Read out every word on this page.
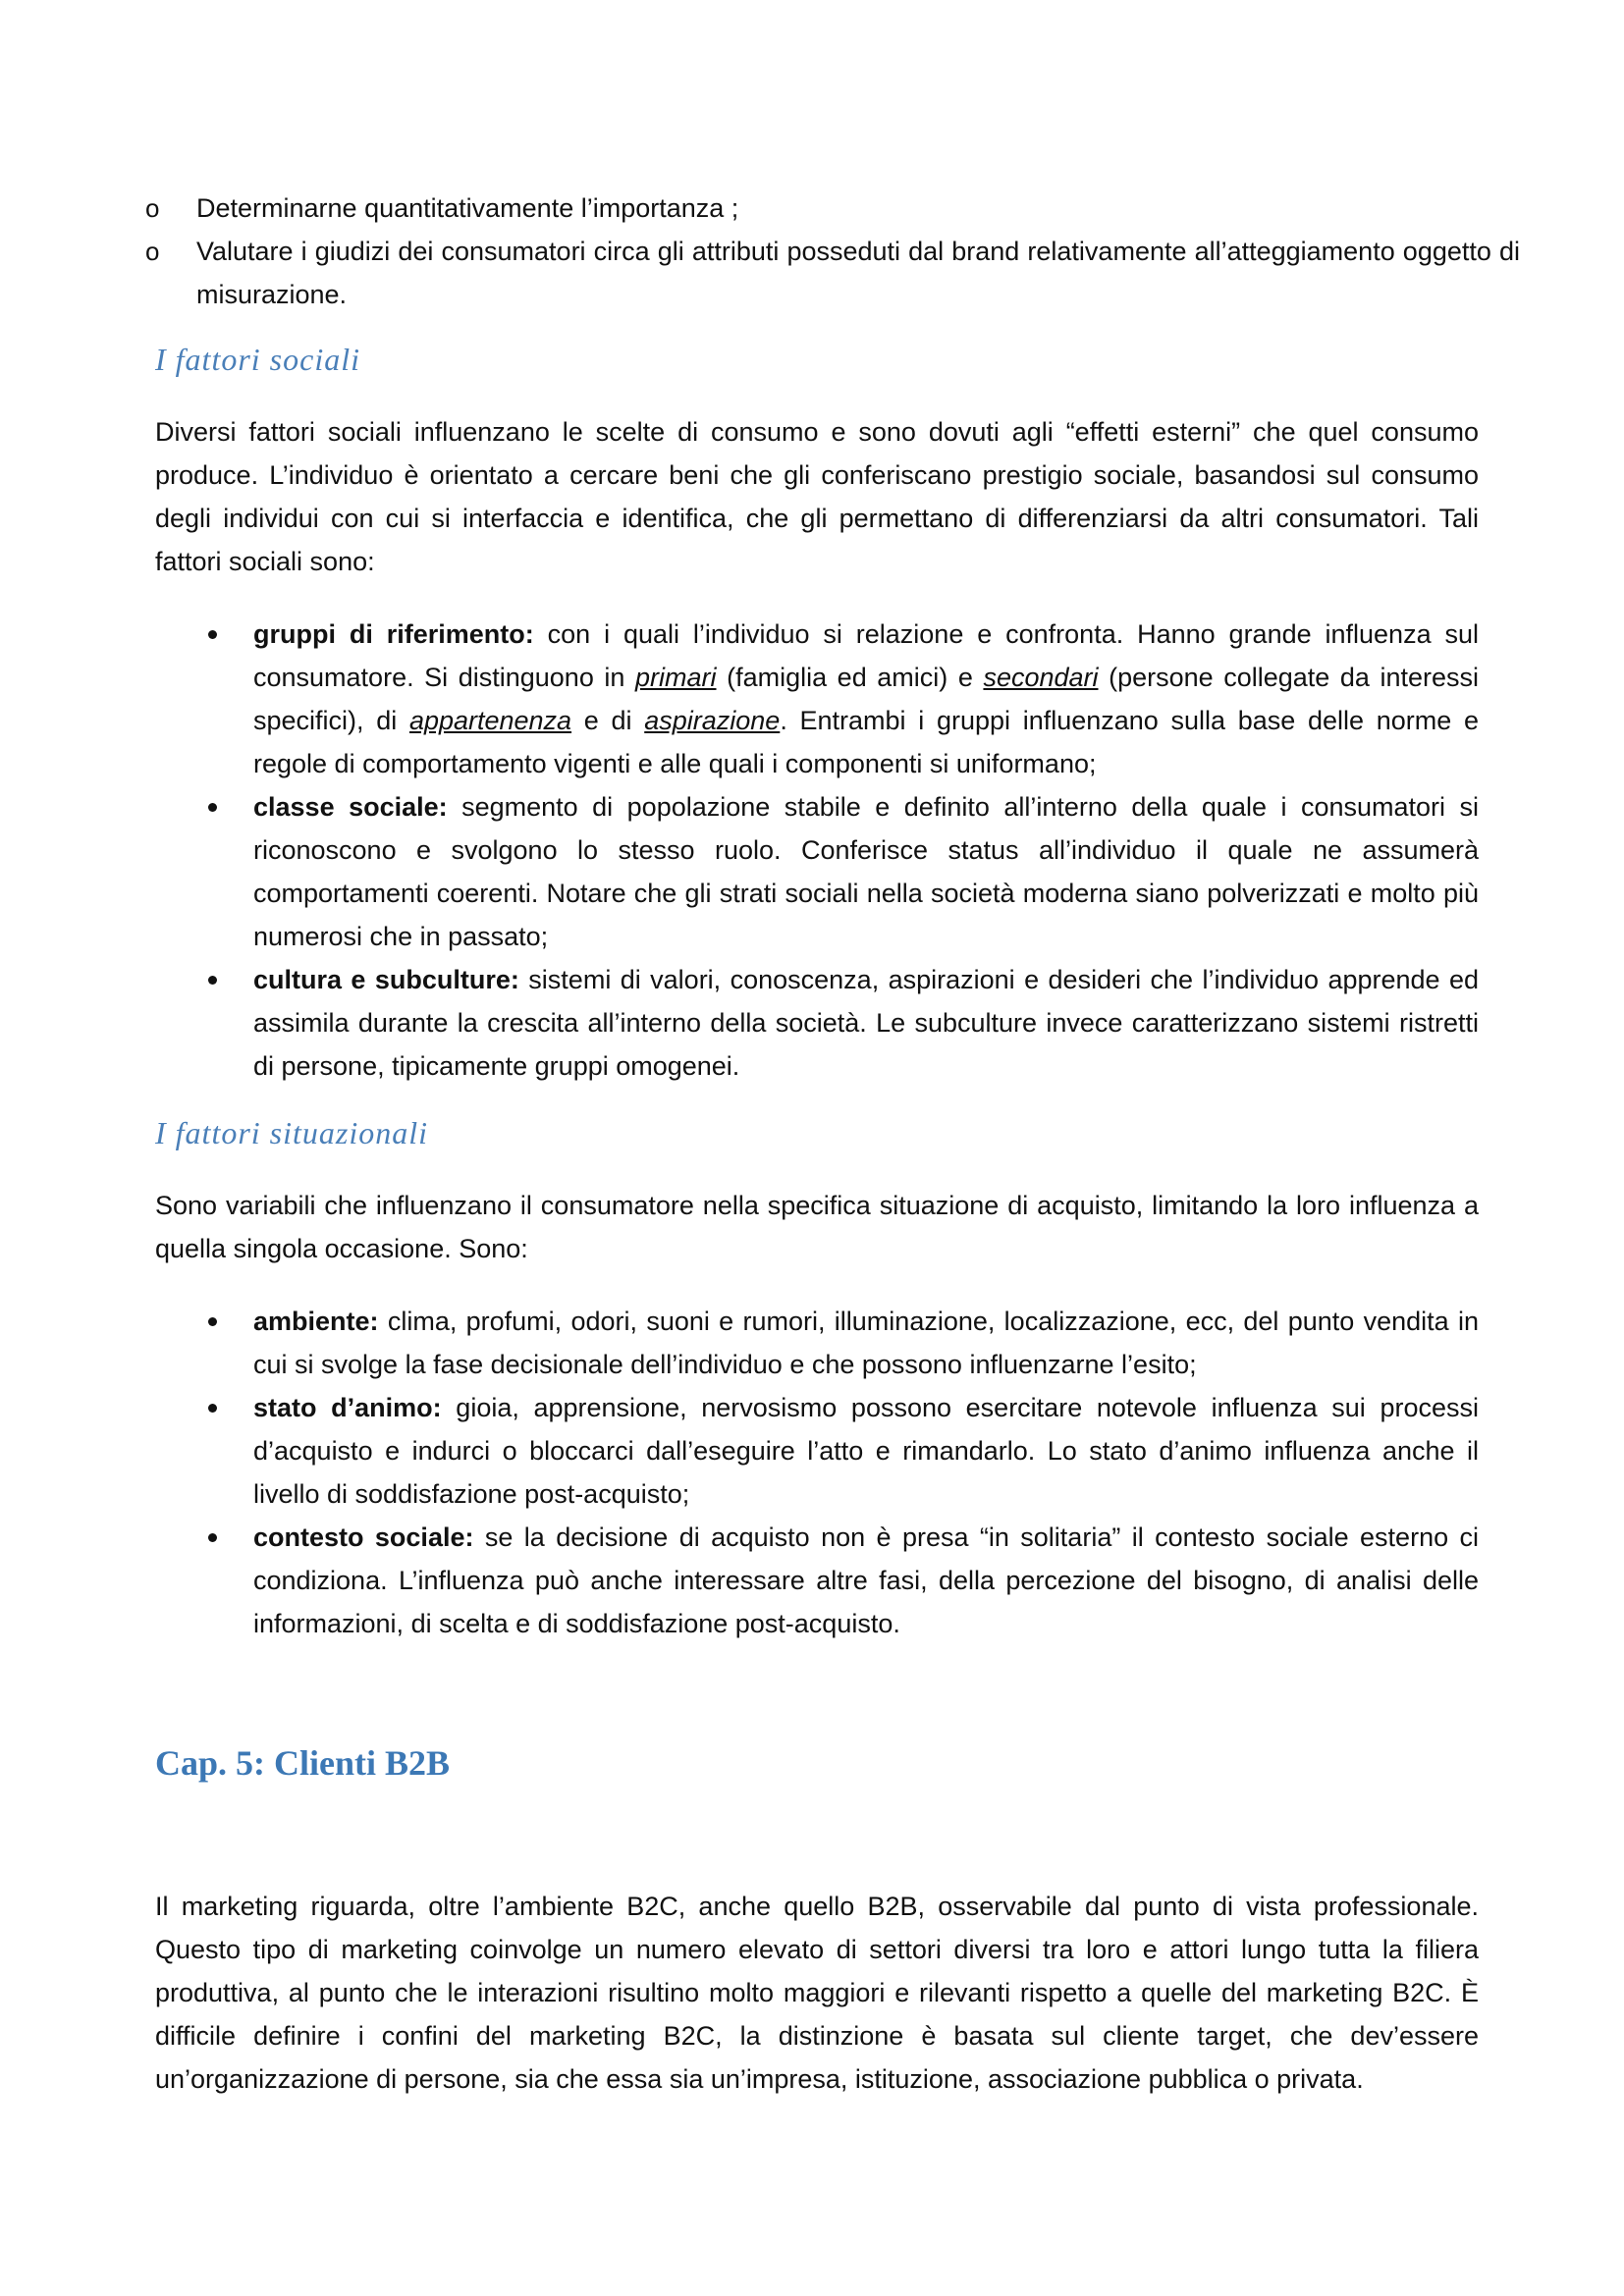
o Determinarne quantitativamente l’importanza ;
o Valutare i giudizi dei consumatori circa gli attributi posseduti dal brand relativamente all’atteggiamento oggetto di misurazione.
I fattori sociali

Diversi fattori sociali influenzano le scelte di consumo e sono dovuti agli “effetti esterni” che quel consumo produce. L’individuo è orientato a cercare beni che gli conferiscano prestigio sociale, basandosi sul consumo degli individui con cui si interfaccia e identifica, che gli permettano di differenziarsi da altri consumatori. Tali fattori sociali sono:

gruppi di riferimento: con i quali l’individuo si relazione e confronta. Hanno grande influenza sul consumatore. Si distinguono in primari (famiglia ed amici) e secondari (persone collegate da interessi specifici), di appartenenza e di aspirazione. Entrambi i gruppi influenzano sulla base delle norme e regole di comportamento vigenti e alle quali i componenti si uniformano;
classe sociale: segmento di popolazione stabile e definito all’interno della quale i consumatori si riconoscono e svolgono lo stesso ruolo. Conferisce status all’individuo il quale ne assumerà comportamenti coerenti. Notare che gli strati sociali nella società moderna siano polverizzati e molto più numerosi che in passato;
cultura e subculture: sistemi di valori, conoscenza, aspirazioni e desideri che l’individuo apprende ed assimila durante la crescita all’interno della società. Le subculture invece caratterizzano sistemi ristretti di persone, tipicamente gruppi omogenei.
I fattori situazionali

Sono variabili che influenzano il consumatore nella specifica situazione di acquisto, limitando la loro influenza a quella singola occasione. Sono:

ambiente: clima, profumi, odori, suoni e rumori, illuminazione, localizzazione, ecc, del punto vendita in cui si svolge la fase decisionale dell’individuo e che possono influenzarne l’esito;
stato d’animo: gioia, apprensione, nervosismo possono esercitare notevole influenza sui processi d’acquisto e indurci o bloccarci dall’eseguire l’atto e rimandarlo. Lo stato d’animo influenza anche il livello di soddisfazione post-acquisto;
contesto sociale: se la decisione di acquisto non è presa “in solitaria” il contesto sociale esterno ci condiziona. L’influenza può anche interessare altre fasi, della percezione del bisogno, di analisi delle informazioni, di scelta e di soddisfazione post-acquisto.
Cap. 5: Clienti B2B

Il marketing riguarda, oltre l’ambiente B2C, anche quello B2B, osservabile dal punto di vista professionale. Questo tipo di marketing coinvolge un numero elevato di settori diversi tra loro e attori lungo tutta la filiera produttiva, al punto che le interazioni risultino molto maggiori e rilevanti rispetto a quelle del marketing B2C. È difficile definire i confini del marketing B2C, la distinzione è basata sul cliente target, che dev’essere un’organizzazione di persone, sia che essa sia un’impresa, istituzione, associazione pubblica o privata.
